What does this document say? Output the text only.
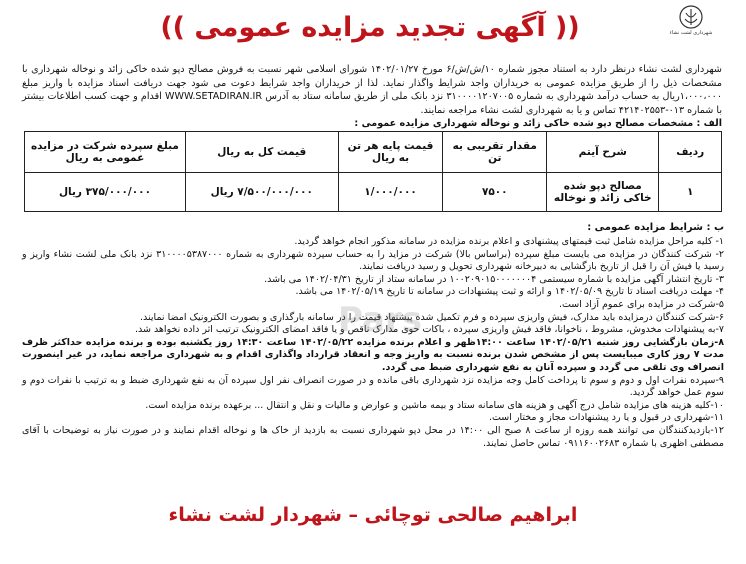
شهرداری لشت نشاء
(( آگهی تجدید مزایده عمومی ))

شهرداری لشت نشاء درنظر دارد به استناد مجوز شماره ۱۰/ش/ش/۶ مورخ ۱۴۰۲/۰۱/۲۷ شورای اسلامی شهر نسبت به فروش مصالح دپو شده خاکی زائد و نوخاله شهرداری با مشخصات ذیل را از طریق مزایده عمومی به خریداران واجد شرایط واگذار نماید. لذا از خریداران واجد شرایط دعوت می شود جهت دریافت اسناد مزایده با واریز مبلغ ۱،۰۰۰،۰۰۰ریال به حساب درآمد شهرداری به شماره ۳۱۰۰۰۰۱۲۰۷۰۰۵ نزد بانک ملی از طریق سامانه ستاد به آدرس WWW.SETADIRAN.IR اقدام و جهت کسب اطلاعات بیشتر با شماره ۰۱۳-۴۲۱۴۰۲۵۵۳ تماس و یا به شهرداری لشت نشاء مراجعه نمایند.

الف : مشخصات مصالح دپو شده خاکی زائد و نوخاله شهرداری مزایده عمومی :

ردیف	شرح آیتم	مقدار تقریبی به تن	قیمت پایه هر تن به ریال	قیمت کل به ریال	مبلغ سپرده شرکت در مزایده عمومی به ریال
۱	مصالح دپو شده خاکی زائد و نوخاله	۷۵۰۰	۱/۰۰۰/۰۰۰	۷/۵۰۰/۰۰۰/۰۰۰ ریال	۳۷۵/۰۰۰/۰۰۰ ریال
ب : شرایط مزایده عمومی :

۱- کلیه مراحل مزایده شامل ثبت قیمتهای پیشنهادی و اعلام برنده مزایده در سامانه مذکور انجام خواهد گردید.

۲- شرکت کنندگان در مزایده می بایست مبلغ سپرده (براساس بالا) شرکت در مزاید را به حساب سپرده شهرداری به شماره ۳۱۰۰۰۰۵۳۸۷۰۰۰ نزد بانک ملی لشت نشاء واریز و رسید یا فیش آن را قبل از تاریخ بازگشایی به دبیرخانه شهرداری تحویل و رسید دریافت نمایند.

۳- تاریخ انتشار آگهی مزایده با شماره سیستمی ۱۰۰۲۰۹۰۱۵۰۰۰۰۰۰۰۴ در سامانه ستاد از تاریخ ۱۴۰۲/۰۴/۳۱ می باشد.

۴- مهلت دریافت اسناد تا تاریخ ۱۴۰۲/۰۵/۰۹ و ارائه و ثبت پیشنهادات در سامانه تا تاریخ ۱۴۰۲/۰۵/۱۹ می باشد.

۵-شرکت در مزایده برای عموم آزاد است.

۶-شرکت کنندگان درمزایده باید مدارک، فیش واریزی سپرده و فرم تکمیل شده پیشنهاد قیمت را در سامانه بارگذاری و بصورت الکترونیک امضا نمایند.

۷-به پیشنهادات مخدوش، مشروط ، ناخوانا، فاقد فیش واریزی سپرده ، باکات حوی مدارک ناقص و یا فاقد امضای الکترونیک ترتیب اثر داده نخواهد شد.

۸-زمان بازگشایی روز شنبه ۱۴۰۲/۰۵/۲۱ ساعت ۱۴:۰۰ظهر و اعلام برنده مزایده ۱۴۰۲/۰۵/۲۲ ساعت ۱۴:۳۰ روز یکشنبه بوده و برنده مزایده حداکثر ظرف مدت ۷ روز کاری میبایست پس از مشخص شدن برنده نسبت به واریز وجه و انعقاد قرارداد واگذاری اقدام و به شهرداری مراجعه نماید، در غیر اینصورت انصراف وی تلقی می گردد و سپرده آنان به نفع شهرداری ضبط می گردد.

۹-سپرده نفرات اول و دوم و سوم تا پرداخت کامل وجه مزایده نزد شهرداری باقی مانده و در صورت انصراف نفر اول سپرده آن به نفع شهرداری ضبط و به ترتیب با نفرات دوم و سوم عمل خواهد گردید.

۱۰-کلیه هزینه های مزایده شامل درج آگهی و هزینه های سامانه ستاد و بیمه ماشین و عوارض و مالیات و نقل و انتقال ... برعهده برنده مزایده است.

۱۱-شهرداری در قبول و یا رد پیشنهادات مجاز و مختار است.

۱۲-بازدیدکنندگان می توانند همه روزه از ساعت ۸ صبح الی ۱۴:۰۰ در محل دپو شهرداری نسبت به بازدید از خاک ها و نوخاله اقدام نمایند و در صورت نیاز به توضیحات با آقای مصطفی اظهری با شماره ۰۹۱۱۶۰۰۲۶۸۳ تماس حاصل نمایند.

Pars
ابراهیم صالحی توچائی – شهردار لشت نشاء
